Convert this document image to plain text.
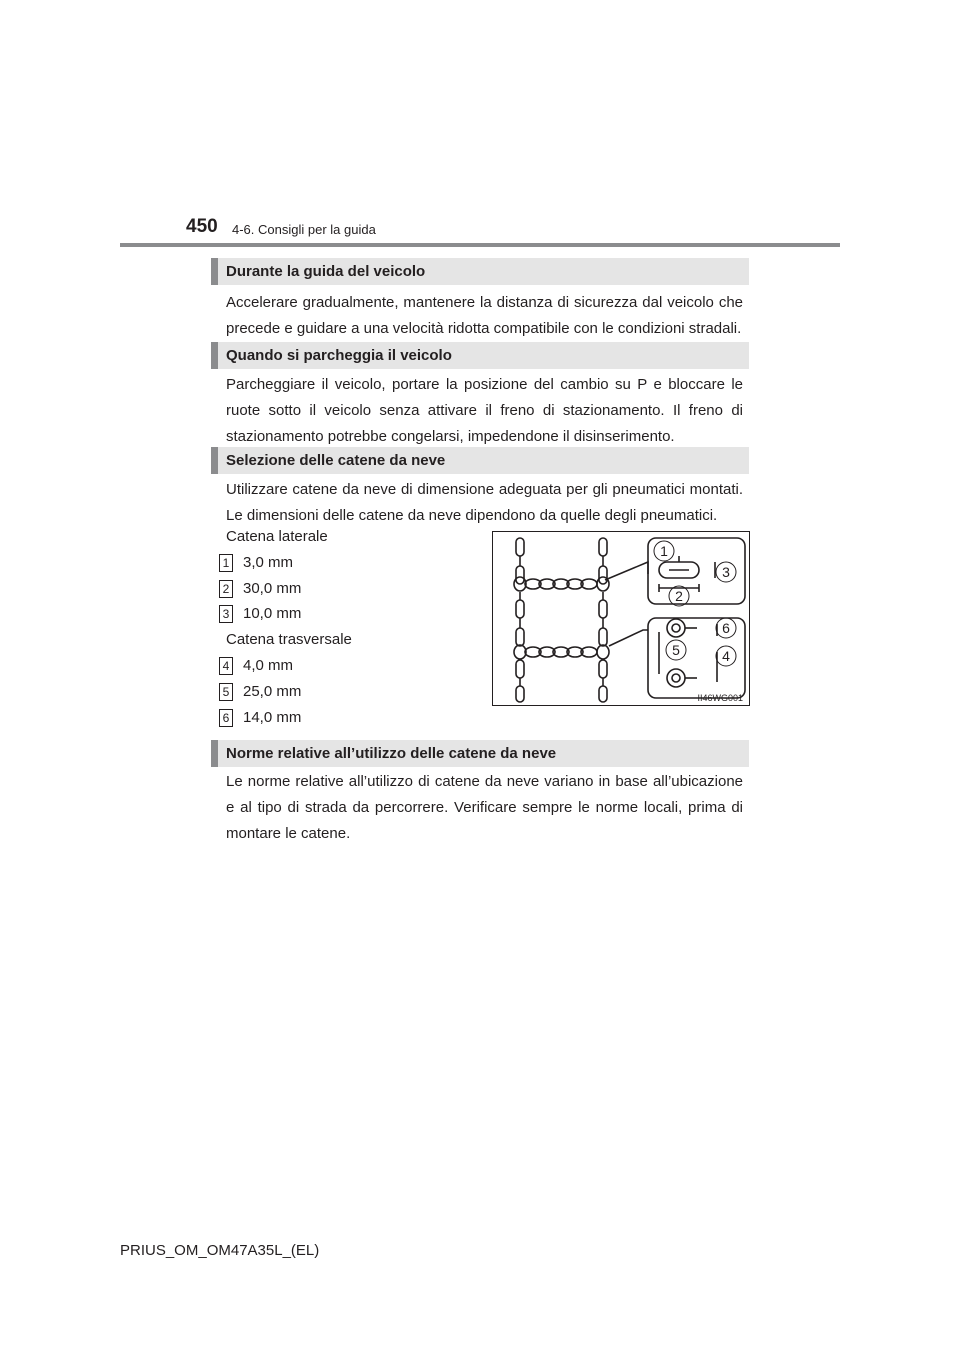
450 4-6. Consigli per la guida
Durante la guida del veicolo
Accelerare gradualmente, mantenere la distanza di sicurezza dal veicolo che precede e guidare a una velocità ridotta compatibile con le condizioni stradali.
Quando si parcheggia il veicolo
Parcheggiare il veicolo, portare la posizione del cambio su P e bloccare le ruote sotto il veicolo senza attivare il freno di stazionamento. Il freno di stazionamento potrebbe congelarsi, impedendone il disinserimento.
Selezione delle catene da neve
Utilizzare catene da neve di dimensione adeguata per gli pneumatici montati. Le dimensioni delle catene da neve dipendono da quelle degli pneumatici.
Catena laterale
1 3,0 mm
2 30,0 mm
3 10,0 mm
Catena trasversale
4 4,0 mm
5 25,0 mm
6 14,0 mm
1
2
3
4
5
6
II46WG001
Norme relative all’utilizzo delle catene da neve
Le norme relative all’utilizzo di catene da neve variano in base all’ubicazione e al tipo di strada da percorrere. Verificare sempre le norme locali, prima di montare le catene.
PRIUS_OM_OM47A35L_(EL)
